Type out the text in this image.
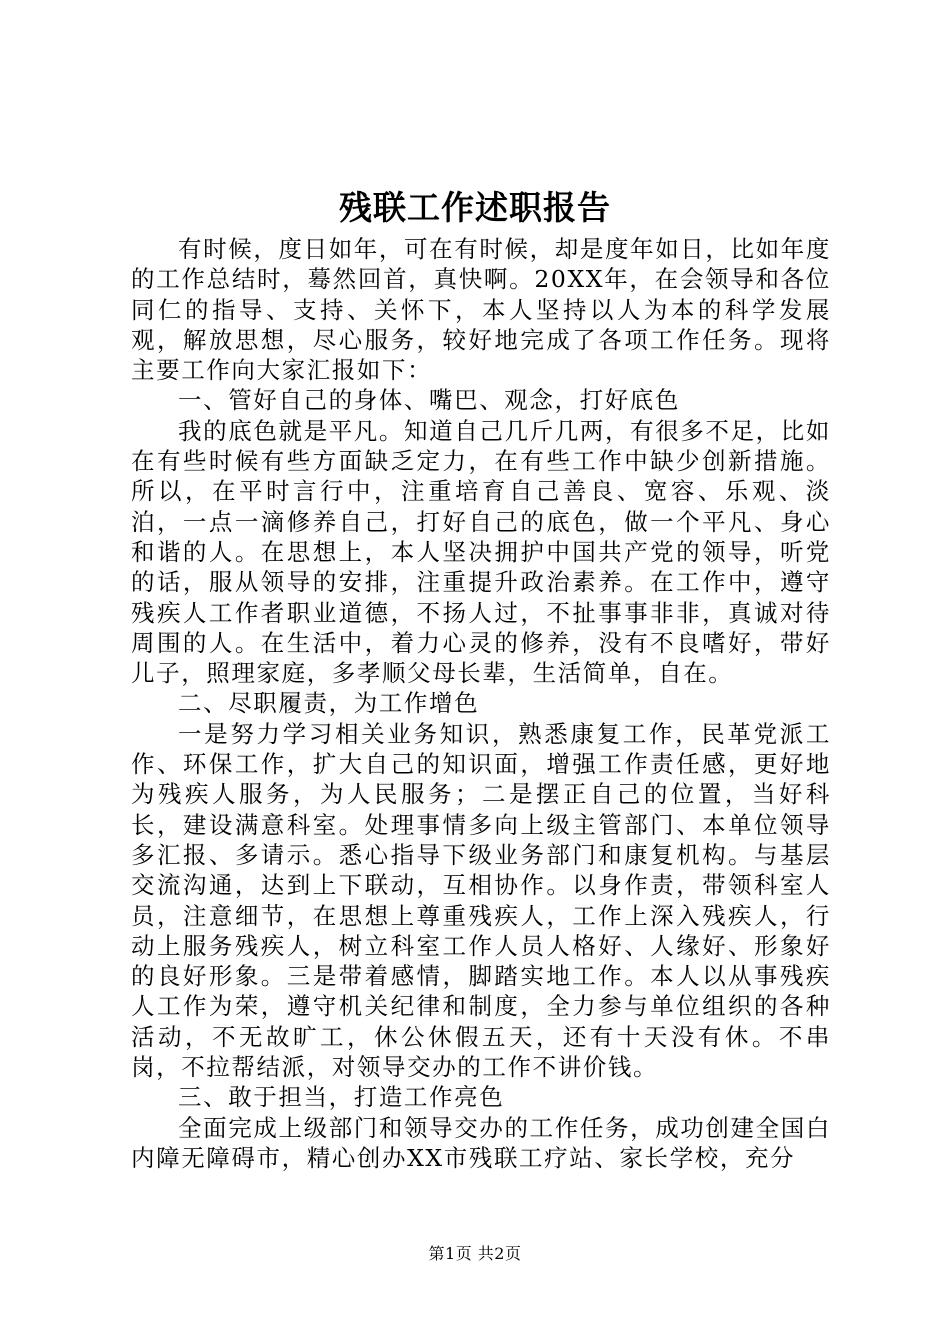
残联工作述职报告

有时候，度日如年，可在有时候，却是度年如日，比如年度的工作总结时，蓦然回首，真快啊。20XX年，在会领导和各位同仁的指导、支持、关怀下，本人坚持以人为本的科学发展观，解放思想，尽心服务，较好地完成了各项工作任务。现将主要工作向大家汇报如下：

一、管好自己的身体、嘴巴、观念，打好底色

我的底色就是平凡。知道自己几斤几两，有很多不足，比如在有些时候有些方面缺乏定力，在有些工作中缺少创新措施。所以，在平时言行中，注重培育自己善良、宽容、乐观、淡泊，一点一滴修养自己，打好自己的底色，做一个平凡、身心和谐的人。在思想上，本人坚决拥护中国共产党的领导，听党的话，服从领导的安排，注重提升政治素养。在工作中，遵守残疾人工作者职业道德，不扬人过，不扯事事非非，真诚对待周围的人。在生活中，着力心灵的修养，没有不良嗜好，带好儿子，照理家庭，多孝顺父母长辈，生活简单，自在。

二、尽职履责，为工作增色

一是努力学习相关业务知识，熟悉康复工作，民革党派工作、环保工作，扩大自己的知识面，增强工作责任感，更好地为残疾人服务，为人民服务；二是摆正自己的位置，当好科长，建设满意科室。处理事情多向上级主管部门、本单位领导多汇报、多请示。悉心指导下级业务部门和康复机构。与基层交流沟通，达到上下联动，互相协作。以身作责，带领科室人员，注意细节，在思想上尊重残疾人，工作上深入残疾人，行动上服务残疾人，树立科室工作人员人格好、人缘好、形象好的良好形象。三是带着感情，脚踏实地工作。本人以从事残疾人工作为荣，遵守机关纪律和制度，全力参与单位组织的各种活动，不无故旷工，休公休假五天，还有十天没有休。不串岗，不拉帮结派，对领导交办的工作不讲价钱。

三、敢于担当，打造工作亮色

全面完成上级部门和领导交办的工作任务，成功创建全国白内障无障碍市，精心创办XX市残联工疗站、家长学校，充分

第1页 共2页
